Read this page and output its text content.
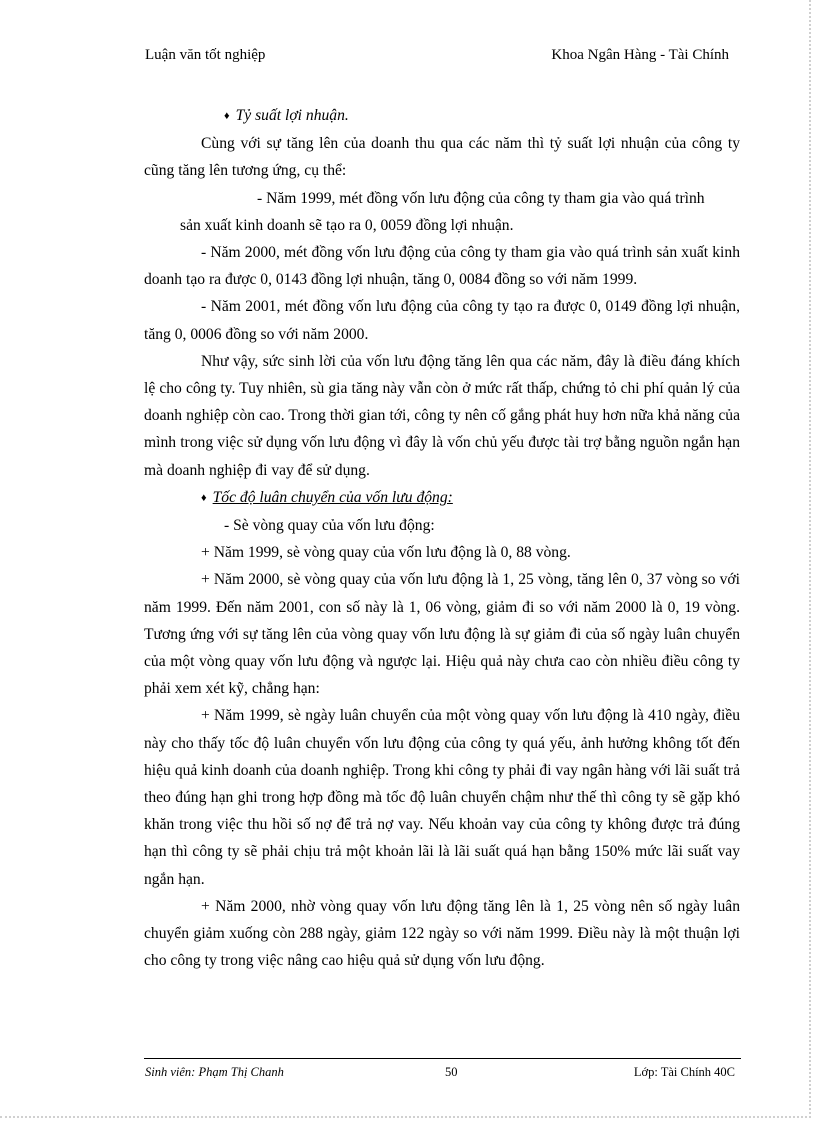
Luận văn tốt nghiệp	Khoa Ngân Hàng - Tài Chính

♦ Tỷ suất lợi nhuận.

Cùng với sự tăng lên của doanh thu qua các năm thì tỷ suất lợi nhuận của công ty cũng tăng lên tương ứng, cụ thể:

- Năm 1999, mét đồng vốn lưu động của công ty tham gia vào quá trình

sản xuất kinh doanh sẽ tạo ra 0, 0059 đồng lợi nhuận.

- Năm 2000, mét đồng vốn lưu động của công ty tham gia vào quá trình sản xuất kinh doanh tạo ra được 0, 0143 đồng lợi nhuận, tăng 0, 0084 đồng so với năm 1999.

- Năm 2001, mét đồng vốn lưu động của công ty tạo ra được 0, 0149 đồng lợi nhuận, tăng 0, 0006 đồng so với năm 2000.

Như vậy, sức sinh lời của vốn lưu động tăng lên qua các năm, đây là điều đáng khích lệ cho công ty. Tuy nhiên, sù gia tăng này vẫn còn ở mức rất thấp, chứng tỏ chi phí quản lý của doanh nghiệp còn cao. Trong thời gian tới, công ty nên cố gắng phát huy hơn nữa khả năng của mình trong việc sử dụng vốn lưu động vì đây là vốn chủ yếu được tài trợ bằng nguồn ngắn hạn mà doanh nghiệp đi vay để sử dụng.

♦ Tốc độ luân chuyển của vốn lưu động:

- Sè vòng quay của vốn lưu động:

+ Năm 1999, sè vòng quay của vốn lưu động là 0, 88 vòng.

+ Năm 2000, sè vòng quay của vốn lưu động là 1, 25 vòng, tăng lên 0, 37 vòng so với năm 1999. Đến năm 2001, con số này là 1, 06 vòng, giảm đi so với năm 2000 là 0, 19 vòng. Tương ứng với sự tăng lên của vòng quay vốn lưu động là sự giảm đi của số ngày luân chuyển của một vòng quay vốn lưu động và ngược lại. Hiệu quả này chưa cao còn nhiều điều công ty phải xem xét kỹ, chẳng hạn:

+ Năm 1999, sè ngày luân chuyển của một vòng quay vốn lưu động là 410 ngày, điều này cho thấy tốc độ luân chuyển vốn lưu động của công ty quá yếu, ảnh hưởng không tốt đến hiệu quả kinh doanh của doanh nghiệp. Trong khi công ty phải đi vay ngân hàng với lãi suất trả theo đúng hạn ghi trong hợp đồng mà tốc độ luân chuyển chậm như thế thì công ty sẽ gặp khó khăn trong việc thu hồi số nợ để trả nợ vay. Nếu khoản vay của công ty không được trả đúng hạn thì công ty sẽ phải chịu trả một khoản lãi là lãi suất quá hạn bằng 150% mức lãi suất vay ngắn hạn.

+ Năm 2000, nhờ vòng quay vốn lưu động tăng lên là 1, 25 vòng nên số ngày luân chuyển giảm xuống còn 288 ngày, giảm 122 ngày so với năm 1999. Điều này là một thuận lợi cho công ty trong việc nâng cao hiệu quả sử dụng vốn lưu động.

Sinh viên: Phạm Thị Chanh	50	Lớp: Tài Chính 40C
